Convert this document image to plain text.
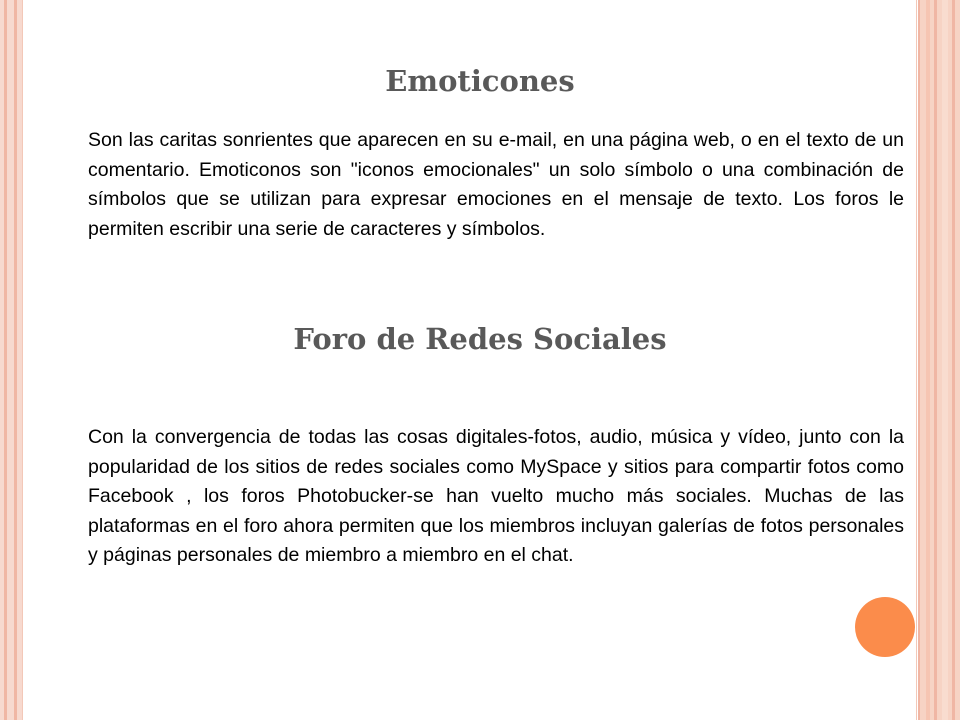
Emoticones

Son las caritas sonrientes que aparecen en su e-mail, en una página web, o en el texto de un comentario. Emoticonos son "iconos emocionales" un solo símbolo o una combinación de símbolos que se utilizan para expresar emociones en el mensaje de texto. Los foros le permiten escribir una serie de caracteres y símbolos.

Foro de Redes Sociales

Con la convergencia de todas las cosas digitales-fotos, audio, música y vídeo, junto con la popularidad de los sitios de redes sociales como MySpace y sitios para compartir fotos como Facebook , los foros Photobucker-se han vuelto mucho más sociales. Muchas de las plataformas en el foro ahora permiten que los miembros incluyan galerías de fotos personales y páginas personales de miembro a miembro en el chat.
